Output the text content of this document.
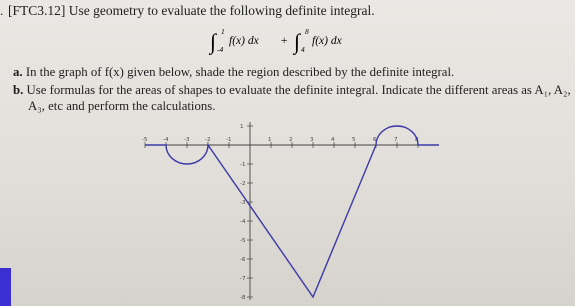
. [FTC3.12] Use geometry to evaluate the following definite integral.
∫ 1
-4
f(x) dx + ∫ 8
4
f(x) dx
a. In the graph of f(x) given below, shade the region described by the definite integral.
b. Use formulas for the areas of shapes to evaluate the definite integral. Indicate the different areas as A₁, A₂,
A₃, etc and perform the calculations.
-5	-4	-3	-2	-1	1	2	3	4	5	6	7	8
1
-1
-2
-3
-4
-5
-6
-7
-8
